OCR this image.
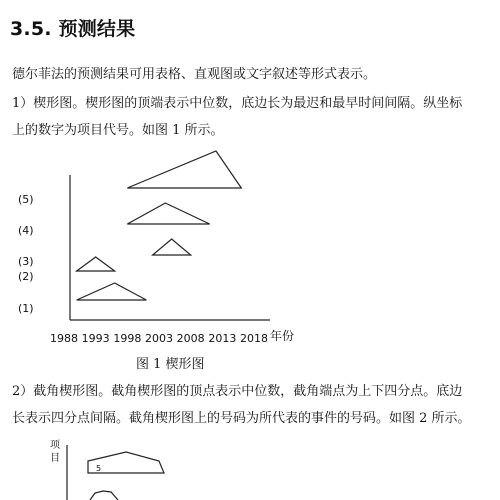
3.5. 预测结果

德尔菲法的预测结果可用表格、直观图或文字叙述等形式表示。

1）楔形图。楔形图的顶端表示中位数，底边长为最迟和最早时间间隔。纵坐标

上的数字为项目代号。如图 1 所示。

1988 1993 1998 2003 2008 2013 2018
(5)
(4)
(3)
(2)
(1)
年份
项
目
5

图 1 楔形图

2）截角楔形图。截角楔形图的顶点表示中位数，截角端点为上下四分点。底边

长表示四分点间隔。截角楔形图上的号码为所代表的事件的号码。如图 2 所示。
